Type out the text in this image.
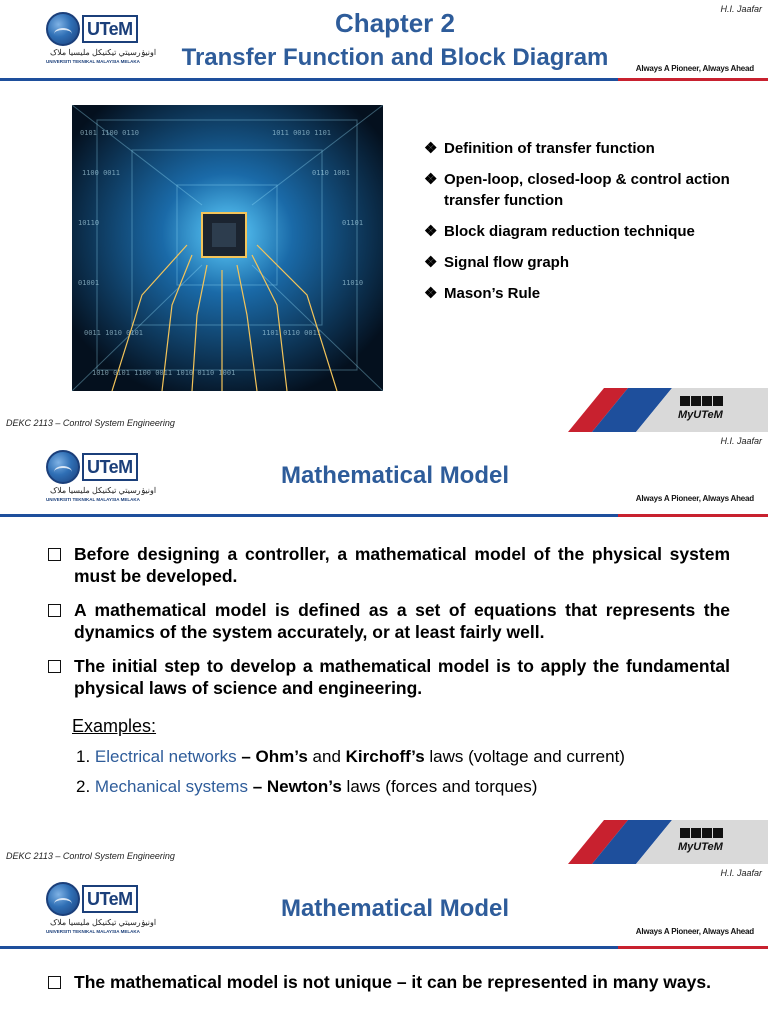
H.I. Jaafar
UTeM
اونيۏرسيتي تيكنيکل مليسيا ملاک
UNIVERSITI TEKNIKAL MALAYSIA MELAKA
Chapter 2
Transfer Function and Block Diagram	Always A Pioneer, Always Ahead
0101 1100 0110	1011 0010 1101
1100 0011	0110 1001
10110	01101
01001	11010
0011 1010 0101	1101 0110 0011
1010 0101 1100 0011 1010 0110 1001
❖ Definition of transfer function
❖ Open-loop, closed-loop & control action transfer function
❖ Block diagram reduction technique
❖ Signal flow graph
❖ Mason’s Rule
DEKC 2113 – Control System Engineering
MyUTeM
H.I. Jaafar
UTeM
اونيۏرسيتي تيكنيکل مليسيا ملاک
UNIVERSITI TEKNIKAL MALAYSIA MELAKA
Mathematical Model
Always A Pioneer, Always Ahead
Before designing a controller, a mathematical model of the physical system must be developed.
A mathematical model is defined as a set of equations that represents the dynamics of the system accurately, or at least fairly well.
The initial step to develop a mathematical model is to apply the fundamental physical laws of science and engineering.
Examples:
1. Electrical networks – Ohm’s and Kirchoff’s laws (voltage and current)
2. Mechanical systems – Newton’s laws (forces and torques)
DEKC 2113 – Control System Engineering
MyUTeM
H.I. Jaafar
UTeM
اونيۏرسيتي تيكنيکل مليسيا ملاک
UNIVERSITI TEKNIKAL MALAYSIA MELAKA
Mathematical Model
Always A Pioneer, Always Ahead
The mathematical model is not unique – it can be represented in many ways.
